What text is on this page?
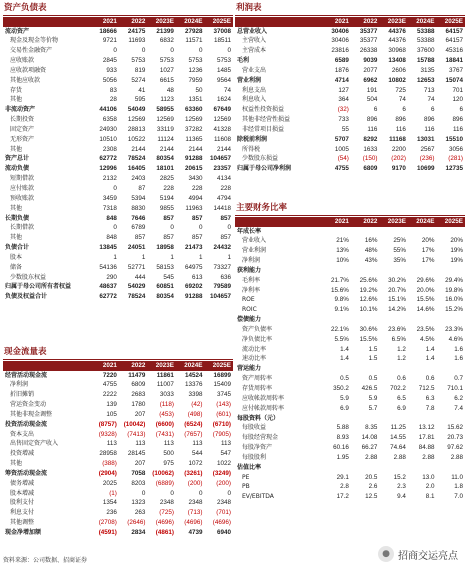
资产负债表
	2021	2022	2023E	2024E	2025E
流动资产	18666	24175	21399	27928	37008
现金及现金等价物	9721	11693	6832	11571	18511
交易性金融资产	0	0	0	0	0
应收账款	2845	5753	5753	5753	5753
应收款项融资	933	819	1027	1236	1485
其他应收款	5056	5274	6615	7959	9564
存货	83	41	48	50	74
其他	28	595	1123	1351	1624
非流动资产	44106	54049	58955	63360	67649
长期投资	6358	12569	12569	12569	12569
固定资产	24930	28813	33119	37282	41328
无形资产	10510	10522	11124	11365	11608
其他	2308	2144	2144	2144	2144
资产总计	62772	78524	80354	91288	104657
流动负债	12996	16405	18101	20615	23357
短期借款	2132	2403	2825	3430	4134
应付账款	0	87	228	228	228
预收账款	3459	5394	5194	4994	4794
其他	7318	8830	9855	11963	14418
长期负债	848	7646	857	857	857
长期借款	0	6789	0	0	0
其他	848	857	857	857	857
负债合计	13845	24051	18958	21473	24432
股本	1	1	1	1	1
储备	54136	52771	58153	64975	73327
少数股东权益	290	444	545	613	636
归属于母公司所有者权益	48637	54029	60851	69202	79589
负债及权益合计	62772	78524	80354	91288	104657
现金流量表
	2021	2022	2023E	2024E	2025E
经营活动现金流	7220	11479	11861	14524	16899
净利润	4755	6809	11007	13376	15409
折旧摊销	2222	2683	3033	3398	3745
营运资金变动	139	1780	(118)	(42)	(143)
其他非现金调整	105	207	(453)	(498)	(601)
投资活动现金流	(8757)	(10042)	(6600)	(6524)	(6710)
资本支出	(9328)	(7413)	(7431)	(7657)	(7905)
出售固定资产收入	113	113	113	113	113
投资增减	28958	28145	500	544	547
其他	(388)	207	975	1072	1022
筹资活动现金流	(2904)	7058	(10062)	(3261)	(3249)
债务增减	2025	8203	(6889)	(200)	(200)
股本增减	(1)	0	0	0	0
股利支付	1354	1323	2348	2348	2348
利息支付	236	263	(725)	(713)	(701)
其他调整	(2708)	(2646)	(4696)	(4696)	(4696)
现金净增加额	(4591)	2834	(4861)	4739	6940
利润表
	2021	2022	2023E	2024E	2025E
总营业收入	30406	35377	44376	53388	64157
主营收入	30406	35377	44376	53388	64157
主营成本	23816	26338	30968	37600	45316
毛利	6589	9039	13408	15788	18841
营业支出	1876	2077	2606	3135	3767
营业利润	4714	6962	10802	12653	15074
利息支出	127	191	725	713	701
利息收入	364	504	74	74	120
权益性投资损益	(32)	6	6	6	6
其他非经营性损益	733	896	896	896	896
非经常项目损益	55	116	116	116	116
除税前利润	5707	8292	11168	13031	15510
所得税	1005	1633	2200	2567	3056
少数股东损益	(54)	(150)	(202)	(236)	(281)
归属于母公司净利润	4755	6809	9170	10699	12735
主要财务比率
	2021	2022	2023E	2024E	2025E
年成长率					
营业收入	21%	16%	25%	20%	20%
营业利润	13%	48%	55%	17%	19%
净利润	10%	43%	35%	17%	19%
获利能力					
毛利率	21.7%	25.6%	30.2%	29.6%	29.4%
净利率	15.6%	19.2%	20.7%	20.0%	19.8%
ROE	9.8%	12.6%	15.1%	15.5%	16.0%
ROIC	9.1%	10.1%	14.2%	14.6%	15.2%
偿债能力					
资产负债率	22.1%	30.6%	23.6%	23.5%	23.3%
净负债比率	5.5%	15.5%	6.5%	4.5%	4.6%
流动比率	1.4	1.5	1.2	1.4	1.6
速动比率	1.4	1.5	1.2	1.4	1.6
营运能力					
资产周转率	0.5	0.5	0.6	0.6	0.7
存货周转率	350.2	426.5	702.2	712.5	710.1
应收帐款周转率	5.9	5.9	6.5	6.3	6.2
应付帐款周转率	6.9	5.7	6.9	7.8	7.4
每股资料（元）					
每股收益	5.88	8.35	11.25	13.12	15.62
每股经营现金	8.93	14.08	14.55	17.81	20.73
每股净资产	60.16	66.27	74.64	84.88	97.62
每股股利	1.95	2.88	2.88	2.88	2.88
估值比率					
PE	29.1	20.5	15.2	13.0	11.0
PB	2.8	2.6	2.3	2.0	1.8
EV/EBITDA	17.2	12.5	9.4	8.1	7.0
资料来源：公司数据、招商证券
● 招商交运亮点
